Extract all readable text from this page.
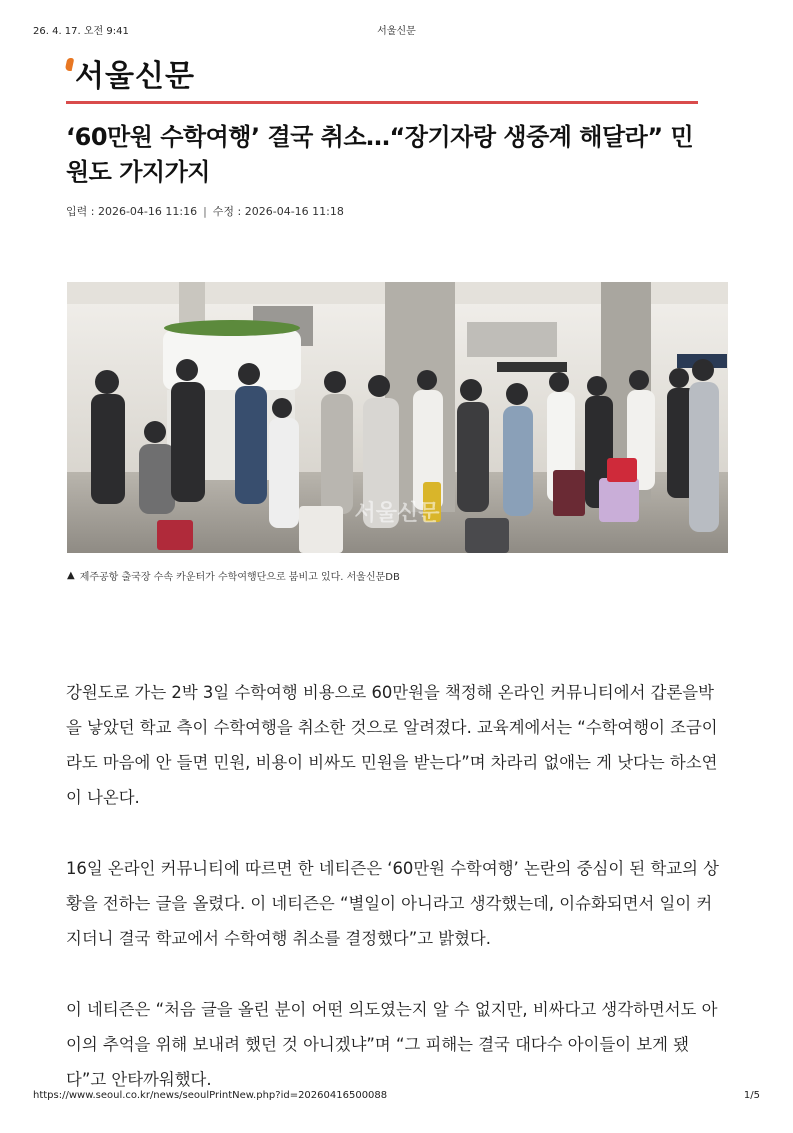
26. 4. 17. 오전 9:41	서울신문
서울신문
‘60만원 수학여행’ 결국 취소…“장기자랑 생중계 해달라” 민원도 가지가지
입력 : 2026-04-16 11:16 | 수정 : 2026-04-16 11:18
서울신문
▲ 제주공항 출국장 수속 카운터가 수학여행단으로 붐비고 있다. 서울신문DB

강원도로 가는 2박 3일 수학여행 비용으로 60만원을 책정해 온라인 커뮤니티에서 갑론을박을 낳았던 학교 측이 수학여행을 취소한 것으로 알려졌다. 교육계에서는 “수학여행이 조금이라도 마음에 안 들면 민원, 비용이 비싸도 민원을 받는다”며 차라리 없애는 게 낫다는 하소연이 나온다.

16일 온라인 커뮤니티에 따르면 한 네티즌은 ‘60만원 수학여행’ 논란의 중심이 된 학교의 상황을 전하는 글을 올렸다. 이 네티즌은 “별일이 아니라고 생각했는데, 이슈화되면서 일이 커지더니 결국 학교에서 수학여행 취소를 결정했다”고 밝혔다.

이 네티즌은 “처음 글을 올린 분이 어떤 의도였는지 알 수 없지만, 비싸다고 생각하면서도 아이의 추억을 위해 보내려 했던 것 아니겠냐”며 “그 피해는 결국 대다수 아이들이 보게 됐다”고 안타까워했다.

https://www.seoul.co.kr/news/seoulPrintNew.php?id=20260416500088	1/5
